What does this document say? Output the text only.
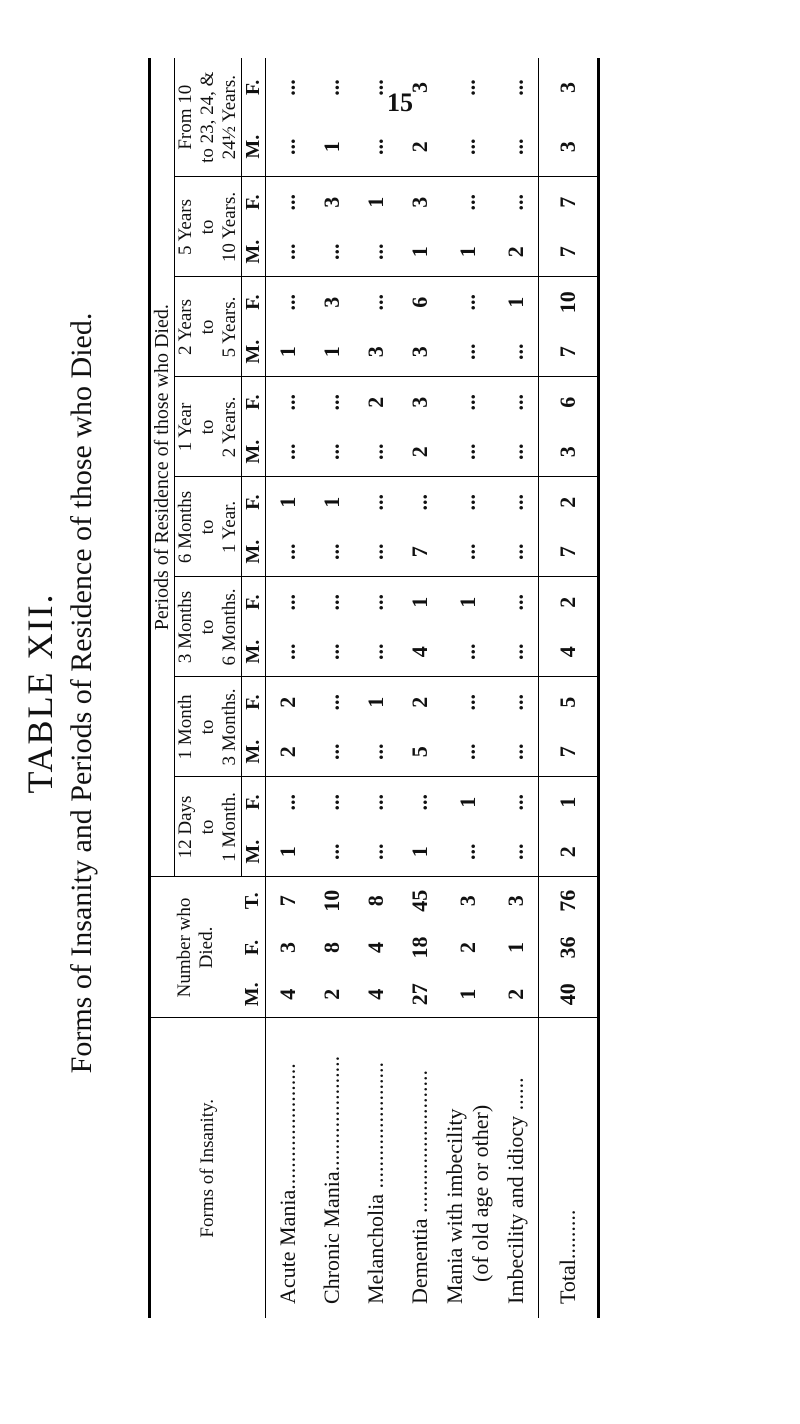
15
TABLE XII. Forms of Insanity and Periods of Residence of those who Died.
Forms of Insanity.	Number who Died.			Periods of Residence of those who Died.															
				12 Days
to
1 Month.		1 Month
to
3 Months.		3 Months
to
6 Months.		6 Months
to
1 Year.		1 Year
to
2 Years.		2 Years
to
5 Years.		5 Years
to
10 Years.		From 10
to 23, 24, &
24½ Years.	
	M.	F.	T.	M.	F.	M.	F.	M.	F.	M.	F.	M.	F.	M.	F.	M.	F.	M.	F.
Acute Mania.......................	4	3	7	1	...	2	2	...	...	...	1	...	...	1	...	...	...	...	...
Chronic Mania.....................	2	8	10	...	...	...	...	...	...	...	1	...	...	1	3	...	3	1	...
Melancholia .......................	4	4	8	...	...	...	1	...	...	...	...	...	2	3	...	...	1	...	...
Dementia ..........................	27	18	45	1	...	5	2	4	1	7	...	2	3	3	6	1	3	2	3
Mania with imbecility
(of old age or other)	1	2	3	...	1	...	...	...	1	...	...	...	...	...	...	1	...	...	...
Imbecility and idiocy ......	2	1	3	...	...	...	...	...	...	...	...	...	...	...	1	2	...	...	...
Total.........	40	36	76	2	1	7	5	4	2	7	2	3	6	7	10	7	7	3	3
